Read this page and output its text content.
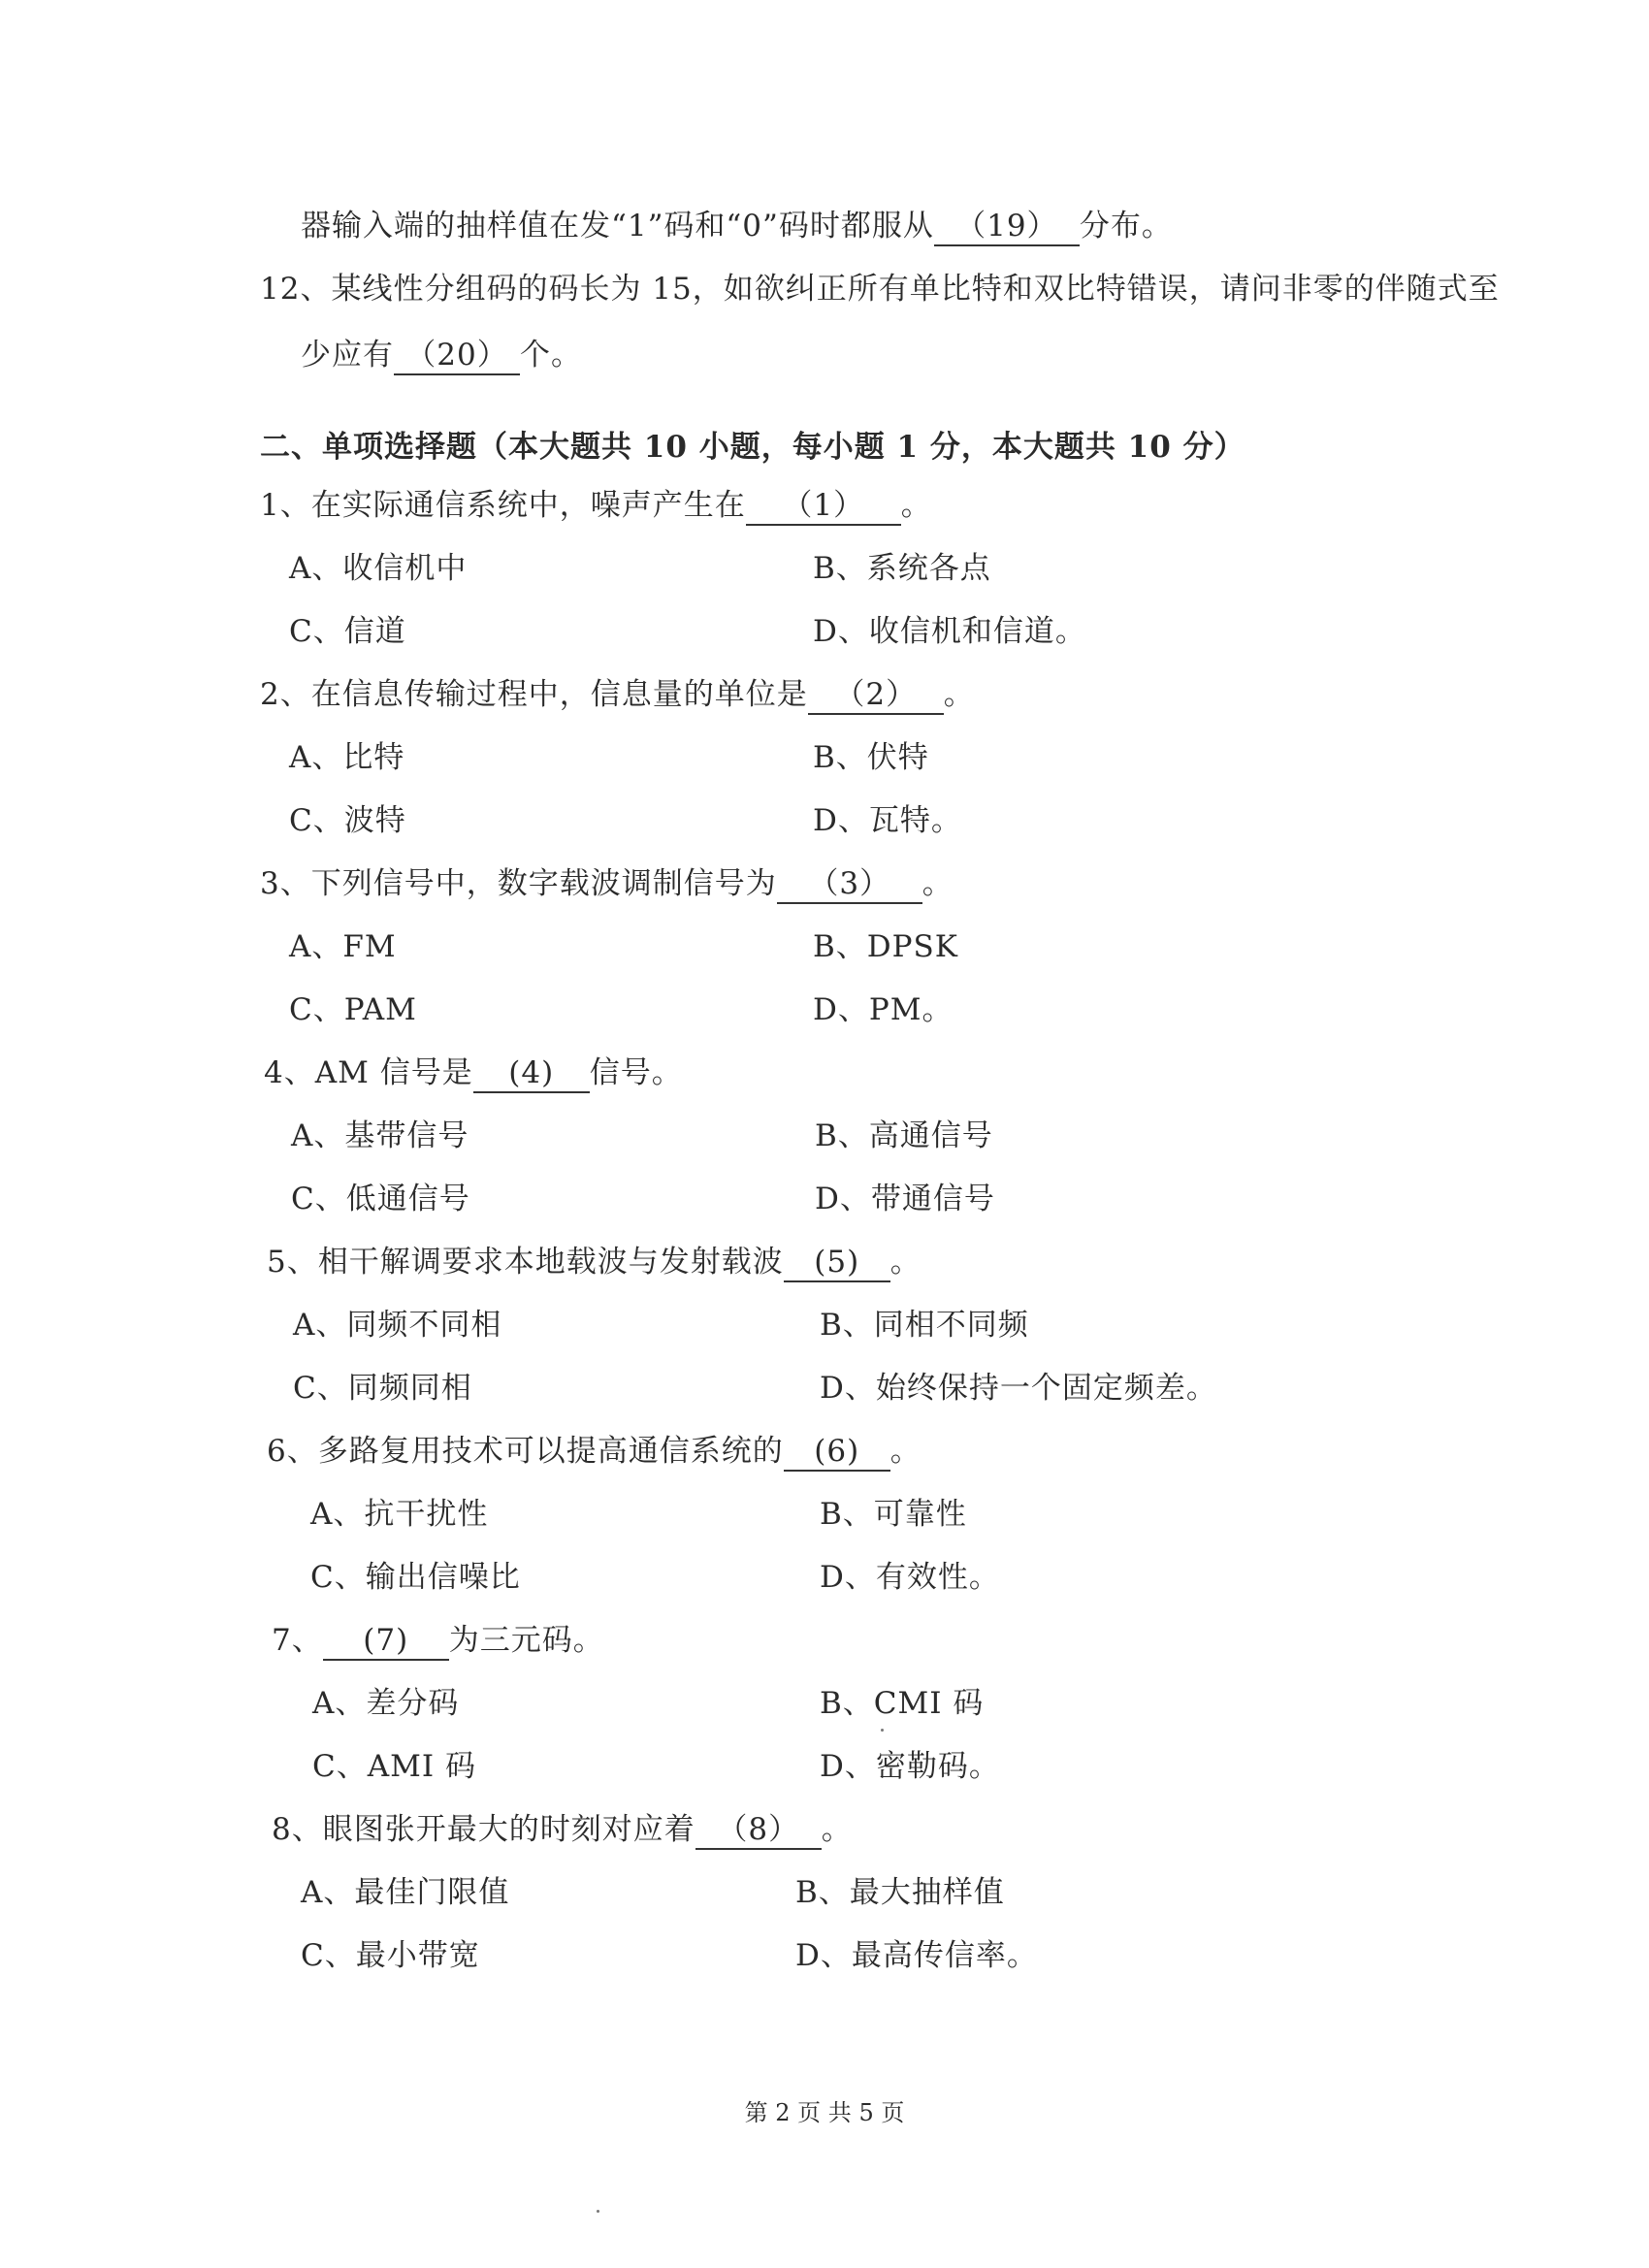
器输入端的抽样值在发“1”码和“0”码时都服从 （19） 分布。
12、某线性分组码的码长为 15，如欲纠正所有单比特和双比特错误，请问非零的伴随式至
少应有 （20） 个。
二、单项选择题（本大题共 10 小题，每小题 1 分，本大题共 10 分）
1、在实际通信系统中，噪声产生在 （1） 。
A、收信机中	B、系统各点
C、信道	D、收信机和信道。
2、在信息传输过程中，信息量的单位是 （2） 。
A、比特	B、伏特
C、波特	D、瓦特。
3、下列信号中，数字载波调制信号为 （3） 。
A、FM	B、DPSK
C、PAM	D、PM。
4、AM 信号是 (4) 信号。
A、基带信号	B、高通信号
C、低通信号	D、带通信号
5、相干解调要求本地载波与发射载波 (5) 。
A、同频不同相	B、同相不同频
C、同频同相	D、始终保持一个固定频差。
6、多路复用技术可以提高通信系统的 (6) 。
A、抗干扰性	B、可靠性
C、输出信噪比	D、有效性。
7、 (7) 为三元码。
A、差分码	B、CMI 码
C、AMI 码	D、密勒码。
8、眼图张开最大的时刻对应着 （8） 。
A、最佳门限值	B、最大抽样值
C、最小带宽	D、最高传信率。
第 2 页 共 5 页
